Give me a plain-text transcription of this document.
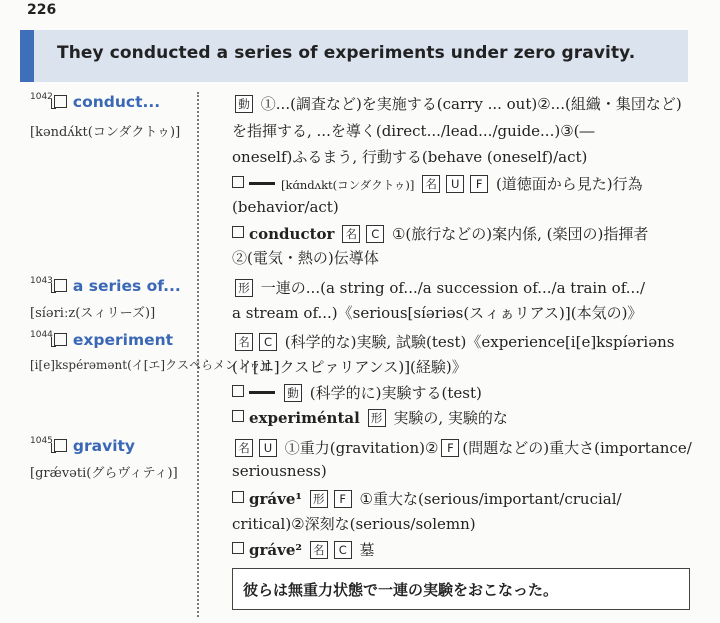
226
They conducted a series of experiments under zero gravity.
$^{1042}$ conduct...
[kəndʌ́kt(コンダクトゥ)]
動 ①...(調査など)を実施する(carry ... out)②...(組織・集団など)
を指揮する, ...を導く(direct.../lead.../guide...)③(―
oneself)ふるまう, 行動する(behave (oneself)/act)
[kɑ́ndʌkt(コンダクトゥ)] 名 U F (道徳面から見た)行為
(behavior/act)
conductor 名 C ①(旅行などの)案内係, (楽団の)指揮者
②(電気・熱の)伝導体
$^{1043}$ a series of...
[síəriːz(スィリーズ)]
形 一連の...(a string of.../a succession of.../a train of.../
a stream of...)《serious[síəriəs(スィぁリアス)](本気の)》
$^{1044}$ experiment
[i[e]kspérəmənt(イ[エ]クスペらメントゥ)]
名 C (科学的な)実験, 試験(test)《experience[i[e]kspíəriəns
(イ[エ]クスピァリアンス)](経験)》
動 (科学的に)実験する(test)
experiméntal 形 実験の, 実験的な
$^{1045}$ gravity
[grǽvəti(グらヴィティ)]
名 U ①重力(gravitation)② F (問題などの)重大さ(importance/
seriousness)
gráve¹ 形 F ①重大な(serious/important/crucial/
critical)②深刻な(serious/solemn)
gráve² 名 C 墓
彼らは無重力状態で一連の実験をおこなった。
